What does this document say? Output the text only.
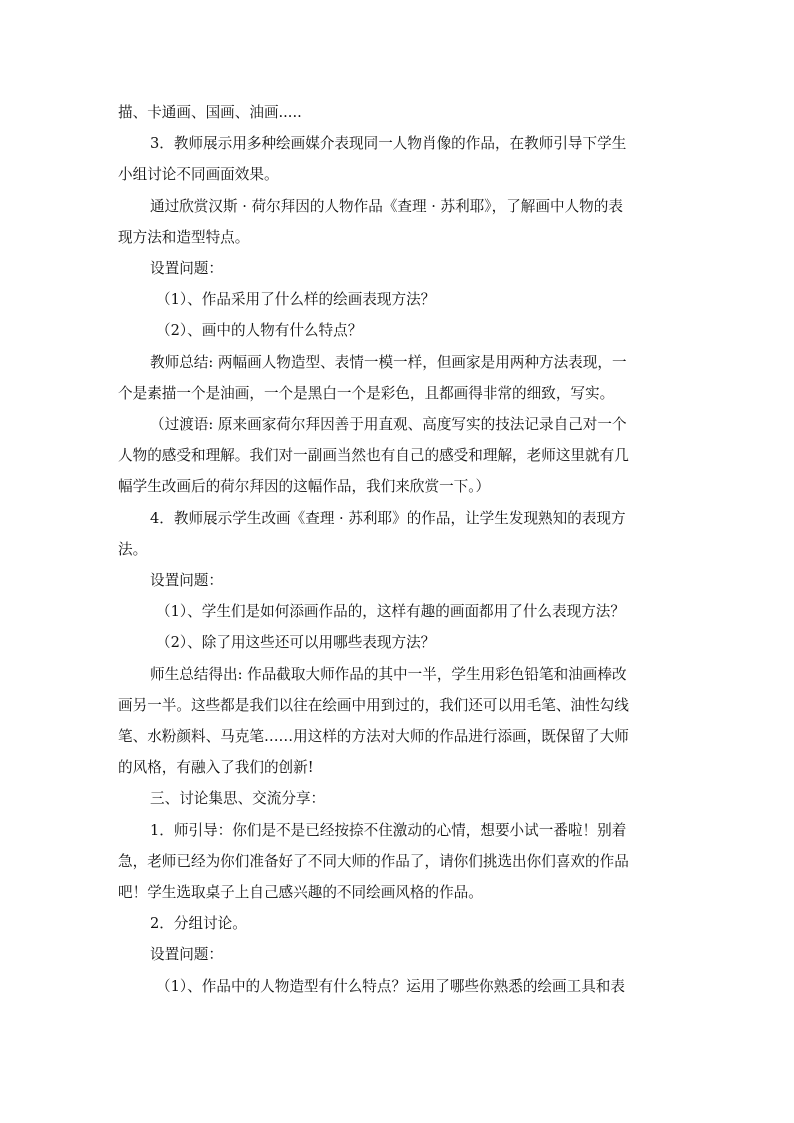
描、卡通画、国画、油画.....
3．教师展示用多种绘画媒介表现同一人物肖像的作品，在教师引导下学生
小组讨论不同画面效果。
通过欣赏汉斯 · 荷尔拜因的人物作品《查理 · 苏利耶》，了解画中人物的表
现方法和造型特点。
设置问题：
（1）、作品采用了什么样的绘画表现方法？
（2）、画中的人物有什么特点？
教师总结: 两幅画人物造型、表情一模一样，但画家是用两种方法表现，一
个是素描一个是油画，一个是黑白一个是彩色，且都画得非常的细致，写实。
（过渡语: 原来画家荷尔拜因善于用直观、高度写实的技法记录自己对一个
人物的感受和理解。我们对一副画当然也有自己的感受和理解，老师这里就有几
幅学生改画后的荷尔拜因的这幅作品，我们来欣赏一下。）
4．教师展示学生改画《查理 · 苏利耶》的作品，让学生发现熟知的表现方
法。
设置问题：
（1）、学生们是如何添画作品的，这样有趣的画面都用了什么表现方法？
（2）、除了用这些还可以用哪些表现方法？
师生总结得出: 作品截取大师作品的其中一半，学生用彩色铅笔和油画棒改
画另一半。这些都是我们以往在绘画中用到过的，我们还可以用毛笔、油性勾线
笔、水粉颜料、马克笔……用这样的方法对大师的作品进行添画，既保留了大师
的风格，有融入了我们的创新!
三、讨论集思、交流分享：
1．师引导：你们是不是已经按捺不住激动的心情，想要小试一番啦！别着
急，老师已经为你们准备好了不同大师的作品了，请你们挑选出你们喜欢的作品
吧！学生选取桌子上自己感兴趣的不同绘画风格的作品。
2．分组讨论。
设置问题：
（1）、作品中的人物造型有什么特点？运用了哪些你熟悉的绘画工具和表
